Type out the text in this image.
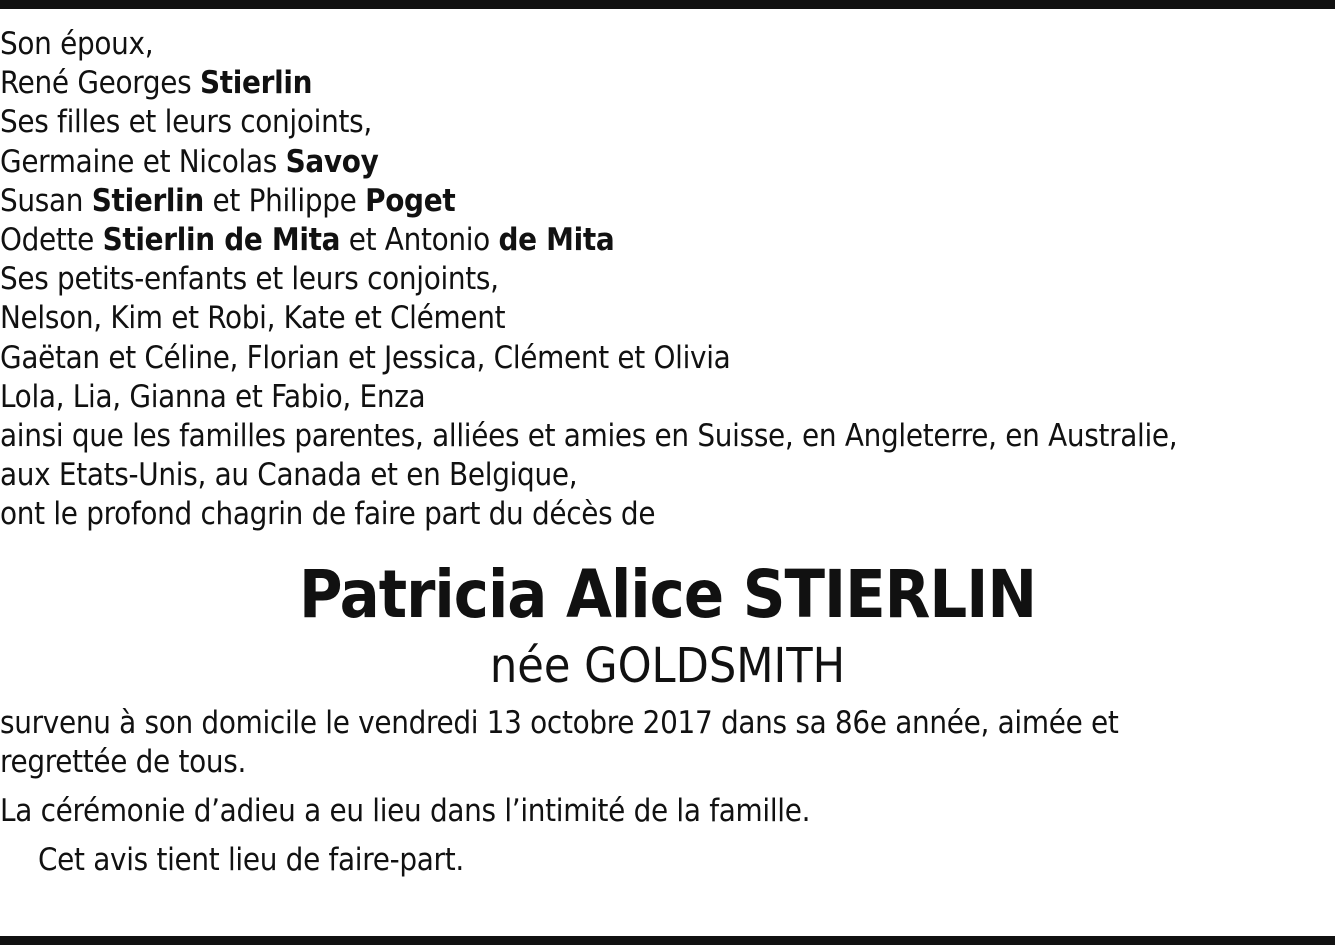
Son époux,
René Georges Stierlin
Ses filles et leurs conjoints,
Germaine et Nicolas Savoy
Susan Stierlin et Philippe Poget
Odette Stierlin de Mita et Antonio de Mita
Ses petits-enfants et leurs conjoints,
Nelson, Kim et Robi, Kate et Clément
Gaëtan et Céline, Florian et Jessica, Clément et Olivia
Lola, Lia, Gianna et Fabio, Enza
ainsi que les familles parentes, alliées et amies en Suisse, en Angleterre, en Australie,
aux Etats-Unis, au Canada et en Belgique,
ont le profond chagrin de faire part du décès de
Patricia Alice STIERLIN
née GOLDSMITH
survenu à son domicile le vendredi 13 octobre 2017 dans sa 86e année, aimée et
regrettée de tous.
La cérémonie d’adieu a eu lieu dans l’intimité de la famille.
Cet avis tient lieu de faire-part.
